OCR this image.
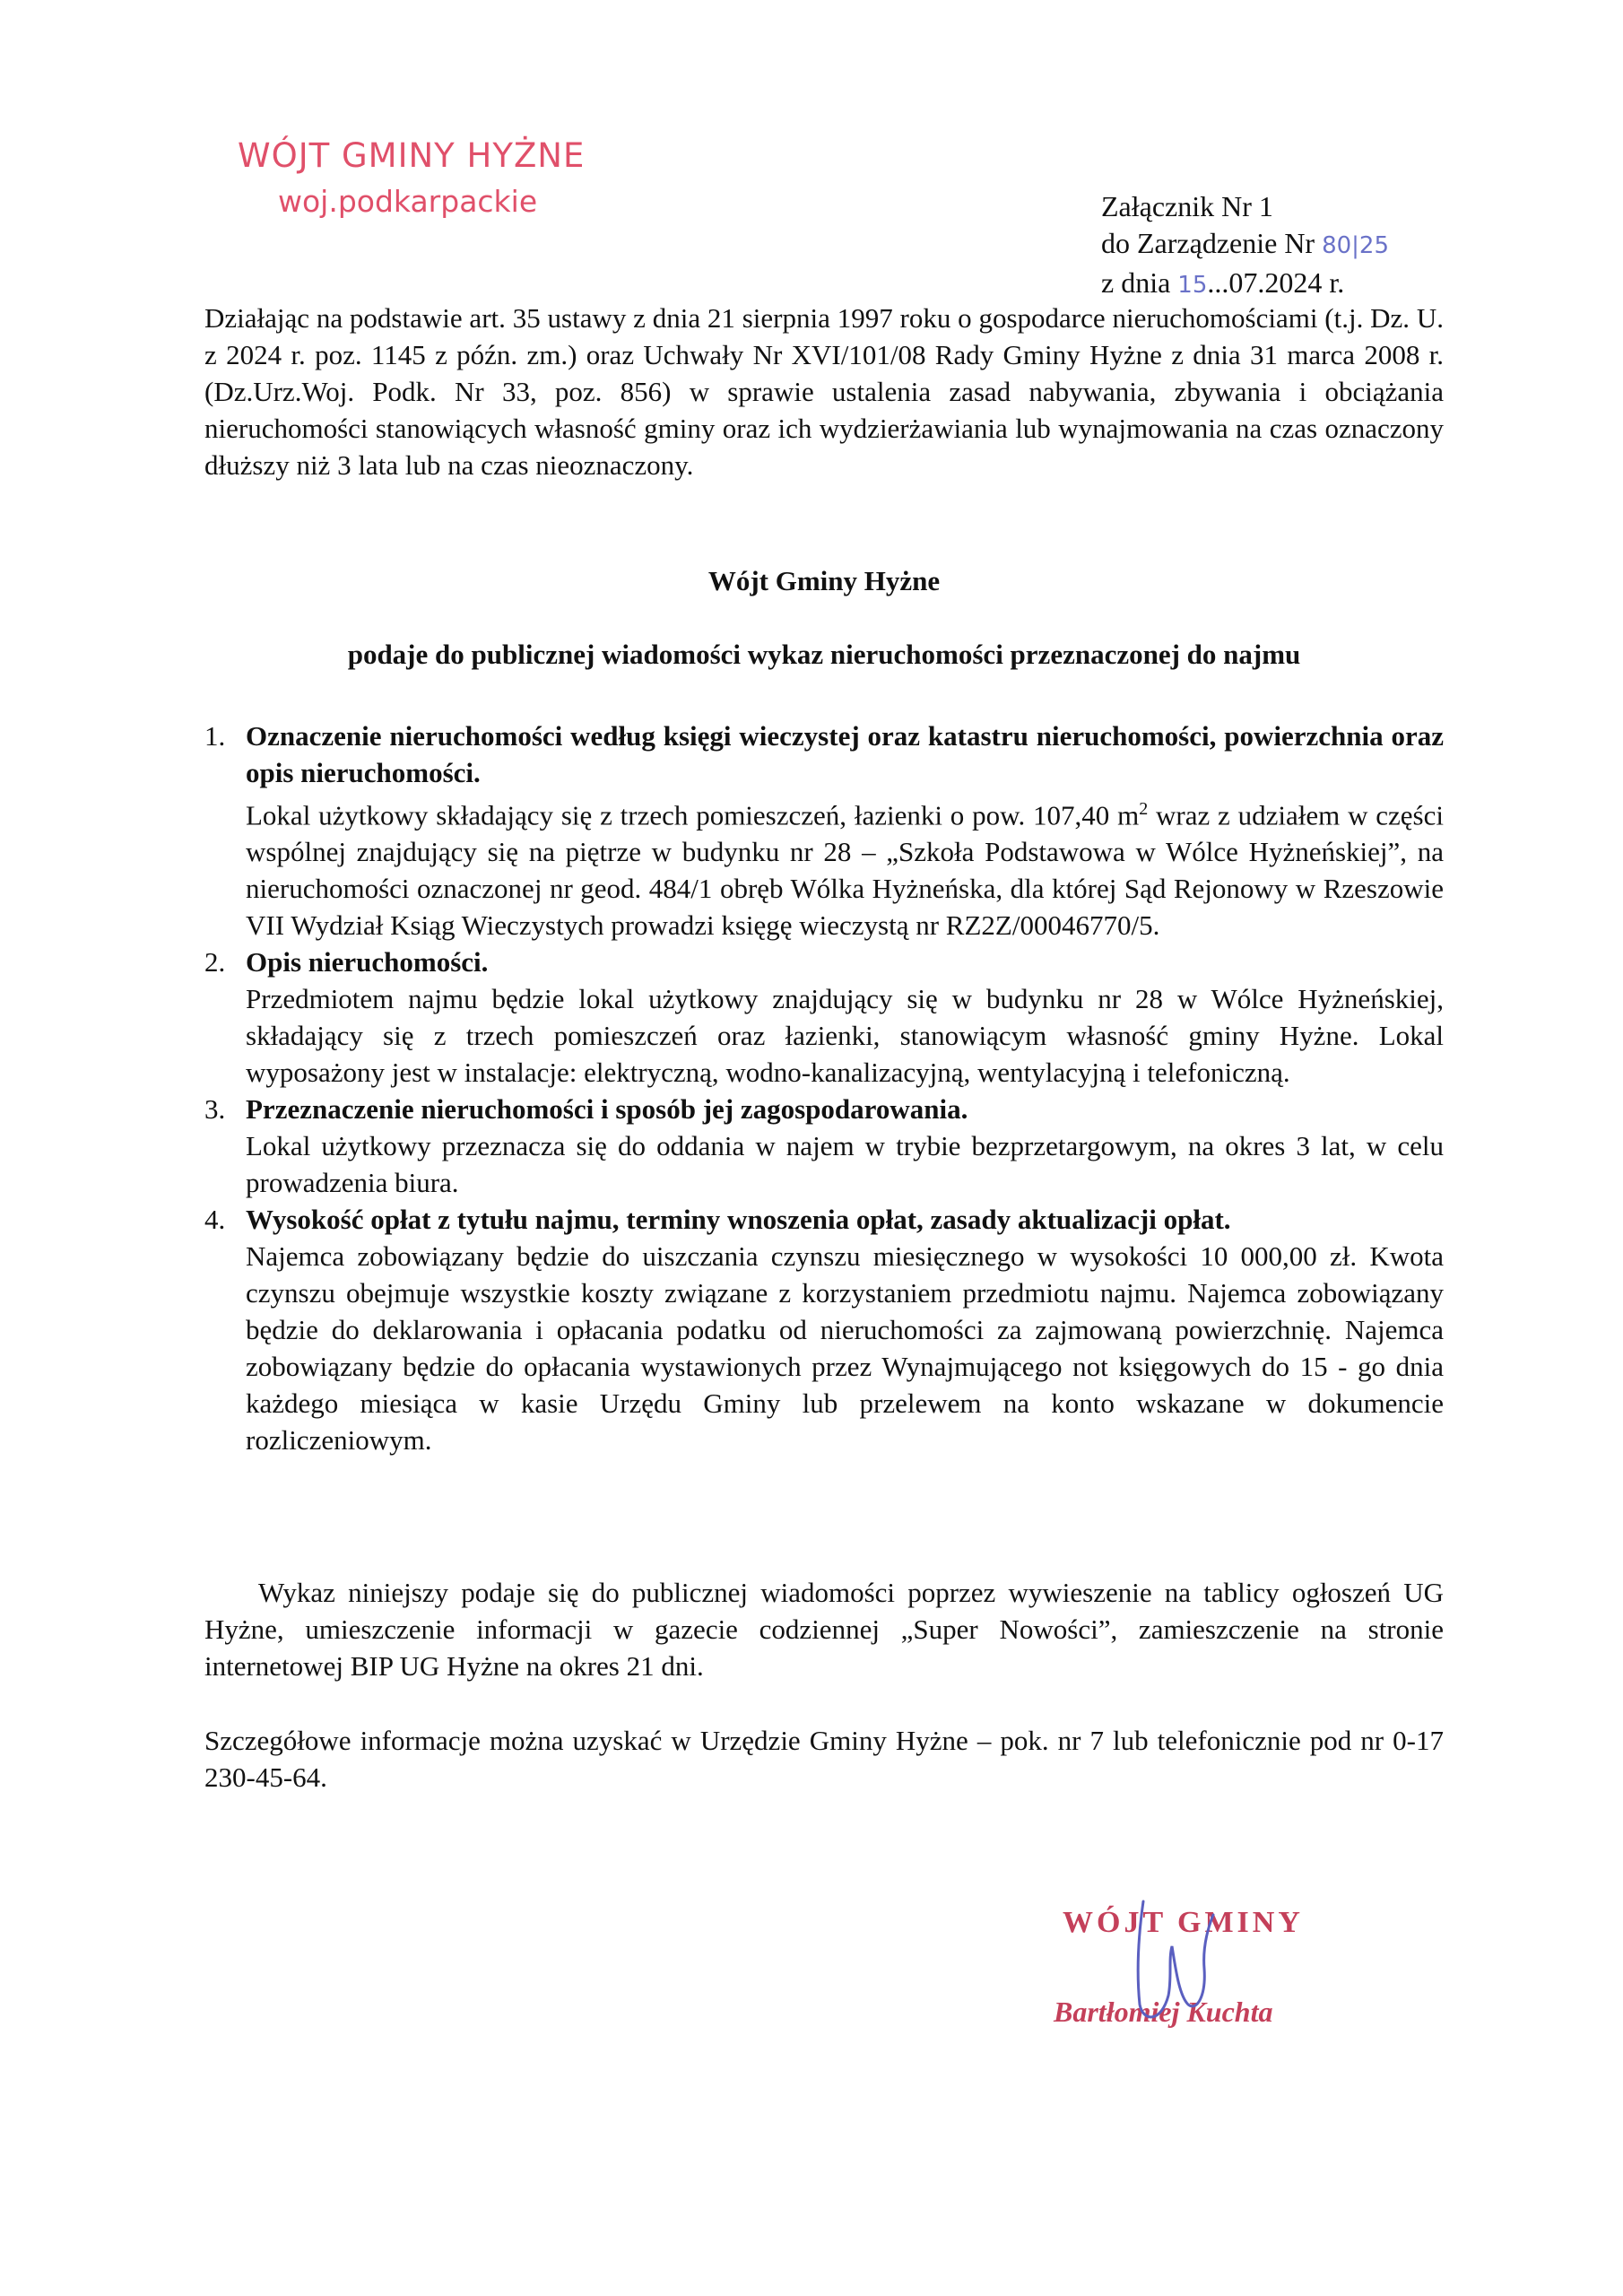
WÓJT GMINY HYŻNE
woj.podkarpackie	Załącznik Nr 1
do Zarządzenie Nr 80|25
z dnia 15...07.2024 r.
Działając na podstawie art. 35 ustawy z dnia 21 sierpnia 1997 roku o gospodarce nieruchomościami (t.j. Dz. U. z 2024 r. poz. 1145 z późn. zm.) oraz Uchwały Nr XVI/101/08 Rady Gminy Hyżne z dnia 31 marca 2008 r. (Dz.Urz.Woj. Podk. Nr 33, poz. 856) w sprawie ustalenia zasad nabywania, zbywania i obciążania nieruchomości stanowiących własność gminy oraz ich wydzierżawiania lub wynajmowania na czas oznaczony dłuższy niż 3 lata lub na czas nieoznaczony.
Wójt Gminy Hyżne
podaje do publicznej wiadomości wykaz nieruchomości przeznaczonej do najmu
1. Oznaczenie nieruchomości według księgi wieczystej oraz katastru nieruchomości, powierzchnia oraz opis nieruchomości.
Lokal użytkowy składający się z trzech pomieszczeń, łazienki o pow. 107,40 $m^2$ wraz z udziałem w części wspólnej znajdujący się na piętrze w budynku nr 28 – „Szkoła Podstawowa w Wólce Hyżneńskiej”, na nieruchomości oznaczonej nr geod. 484/1 obręb Wólka Hyżneńska, dla której Sąd Rejonowy w Rzeszowie VII Wydział Ksiąg Wieczystych prowadzi księgę wieczystą nr RZ2Z/00046770/5.
2. Opis nieruchomości.
Przedmiotem najmu będzie lokal użytkowy znajdujący się w budynku nr 28 w Wólce Hyżneńskiej, składający się z trzech pomieszczeń oraz łazienki, stanowiącym własność gminy Hyżne. Lokal wyposażony jest w instalacje: elektryczną, wodno-kanalizacyjną, wentylacyjną i telefoniczną.
3. Przeznaczenie nieruchomości i sposób jej zagospodarowania.
Lokal użytkowy przeznacza się do oddania w najem w trybie bezprzetargowym, na okres 3 lat, w celu prowadzenia biura.
4. Wysokość opłat z tytułu najmu, terminy wnoszenia opłat, zasady aktualizacji opłat.
Najemca zobowiązany będzie do uiszczania czynszu miesięcznego w wysokości 10 000,00 zł. Kwota czynszu obejmuje wszystkie koszty związane z korzystaniem przedmiotu najmu. Najemca zobowiązany będzie do deklarowania i opłacania podatku od nieruchomości za zajmowaną powierzchnię. Najemca zobowiązany będzie do opłacania wystawionych przez Wynajmującego not księgowych do 15 - go dnia każdego miesiąca w kasie Urzędu Gminy lub przelewem na konto wskazane w dokumencie rozliczeniowym.
Wykaz niniejszy podaje się do publicznej wiadomości poprzez wywieszenie na tablicy ogłoszeń UG Hyżne, umieszczenie informacji w gazecie codziennej „Super Nowości”, zamieszczenie na stronie internetowej BIP UG Hyżne na okres 21 dni.
Szczegółowe informacje można uzyskać w Urzędzie Gminy Hyżne – pok. nr 7 lub telefonicznie pod nr 0-17 230-45-64.
WÓJT GMINY
Bartłomiej Kuchta
